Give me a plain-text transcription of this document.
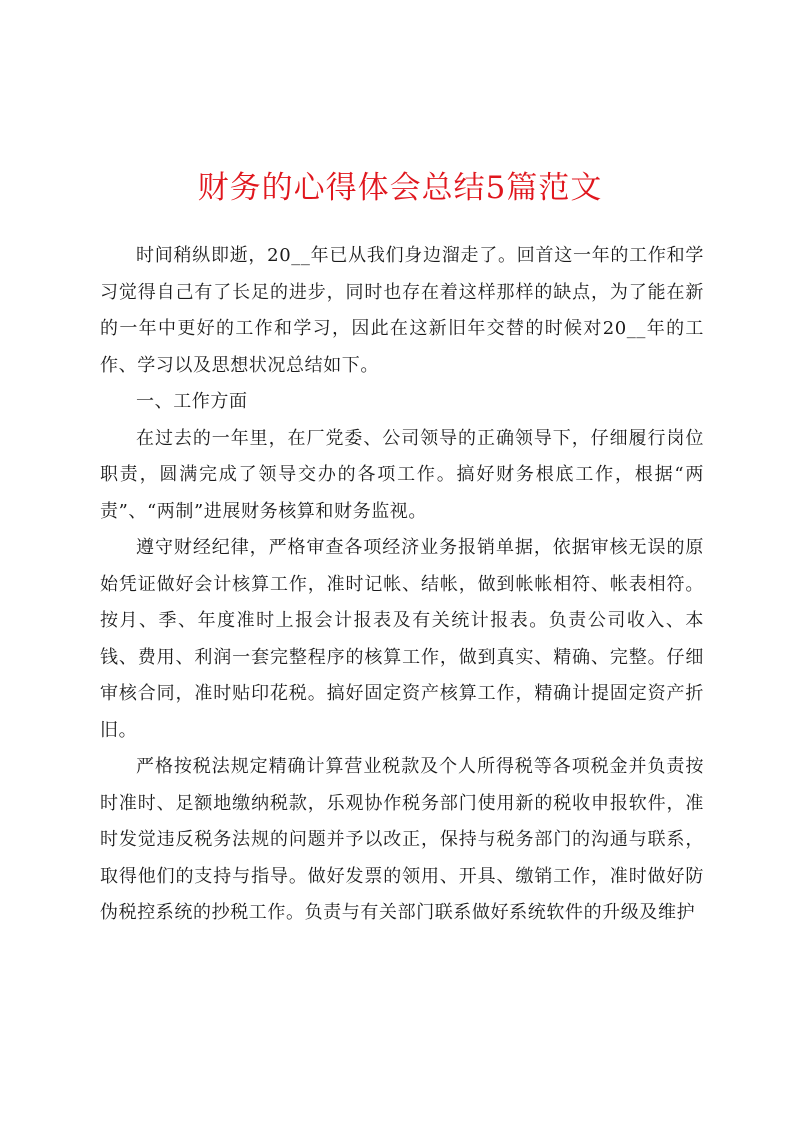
财务的心得体会总结5篇范文

时间稍纵即逝，20__年已从我们身边溜走了。回首这一年的工作和学习觉得自己有了长足的进步，同时也存在着这样那样的缺点，为了能在新的一年中更好的工作和学习，因此在这新旧年交替的时候对20__年的工作、学习以及思想状况总结如下。

一、工作方面

在过去的一年里，在厂党委、公司领导的正确领导下，仔细履行岗位职责，圆满完成了领导交办的各项工作。搞好财务根底工作，根据“两责”、“两制”进展财务核算和财务监视。

遵守财经纪律，严格审查各项经济业务报销单据，依据审核无误的原始凭证做好会计核算工作，准时记帐、结帐，做到帐帐相符、帐表相符。按月、季、年度准时上报会计报表及有关统计报表。负责公司收入、本钱、费用、利润一套完整程序的核算工作，做到真实、精确、完整。仔细审核合同，准时贴印花税。搞好固定资产核算工作，精确计提固定资产折旧。

严格按税法规定精确计算营业税款及个人所得税等各项税金并负责按时准时、足额地缴纳税款，乐观协作税务部门使用新的税收申报软件，准时发觉违反税务法规的问题并予以改正，保持与税务部门的沟通与联系，取得他们的支持与指导。做好发票的领用、开具、缴销工作，准时做好防伪税控系统的抄税工作。负责与有关部门联系做好系统软件的升级及维护
